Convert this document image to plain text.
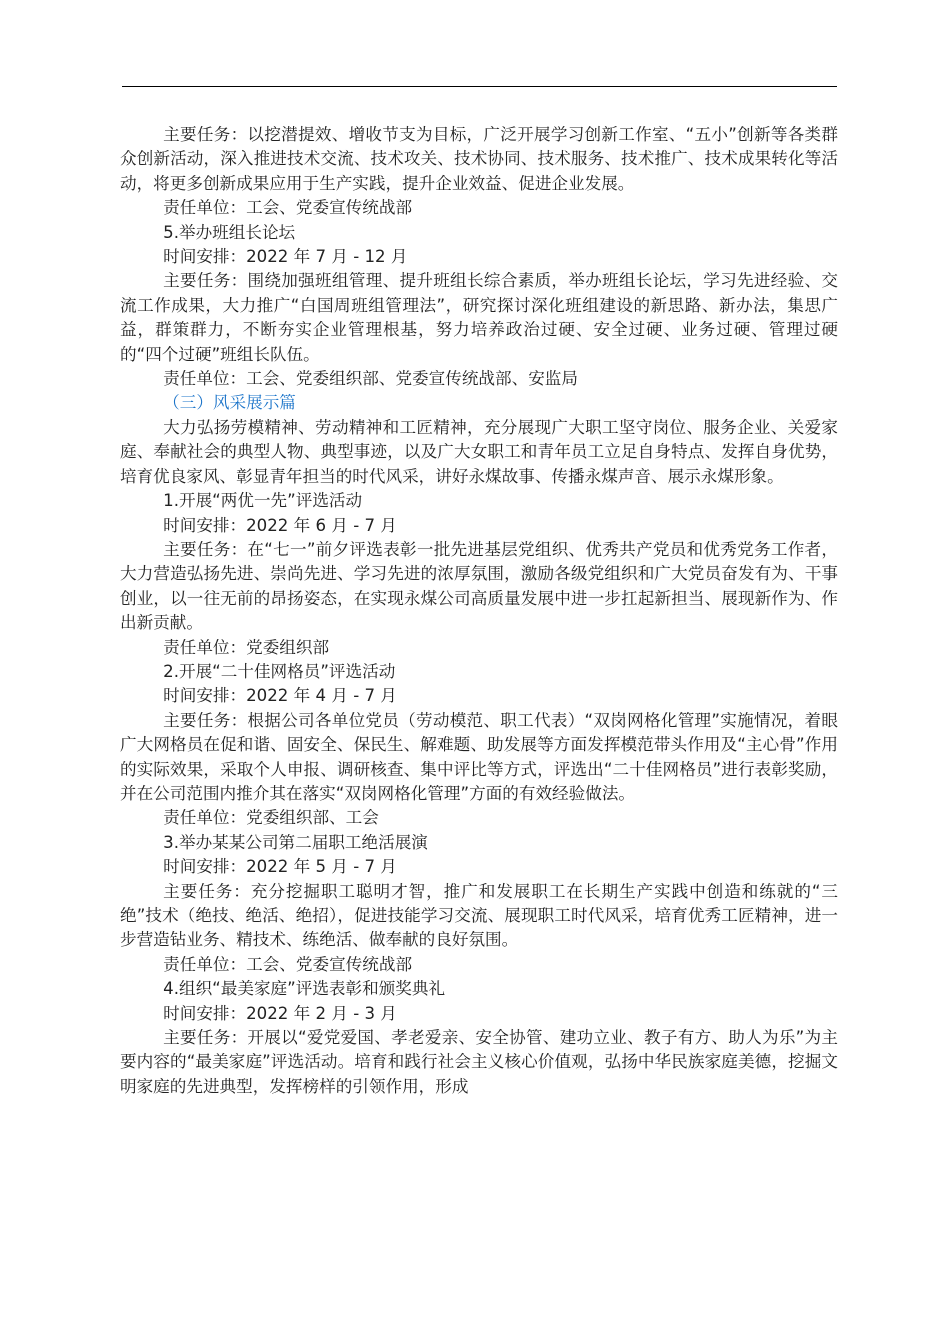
主要任务：以挖潜提效、增收节支为目标，广泛开展学习创新工作室、“五小”创新等各类群众创新活动，深入推进技术交流、技术攻关、技术协同、技术服务、技术推广、技术成果转化等活动，将更多创新成果应用于生产实践，提升企业效益、促进企业发展。

责任单位：工会、党委宣传统战部

5.举办班组长论坛

时间安排：2022 年 7 月 - 12 月

主要任务：围绕加强班组管理、提升班组长综合素质，举办班组长论坛，学习先进经验、交流工作成果，大力推广“白国周班组管理法”，研究探讨深化班组建设的新思路、新办法，集思广益，群策群力，不断夯实企业管理根基，努力培养政治过硬、安全过硬、业务过硬、管理过硬的“四个过硬”班组长队伍。

责任单位：工会、党委组织部、党委宣传统战部、安监局

（三）风采展示篇

大力弘扬劳模精神、劳动精神和工匠精神，充分展现广大职工坚守岗位、服务企业、关爱家庭、奉献社会的典型人物、典型事迹，以及广大女职工和青年员工立足自身特点、发挥自身优势，培育优良家风、彰显青年担当的时代风采，讲好永煤故事、传播永煤声音、展示永煤形象。

1.开展“两优一先”评选活动

时间安排：2022 年 6 月 - 7 月

主要任务：在“七一”前夕评选表彰一批先进基层党组织、优秀共产党员和优秀党务工作者，大力营造弘扬先进、崇尚先进、学习先进的浓厚氛围，激励各级党组织和广大党员奋发有为、干事创业，以一往无前的昂扬姿态，在实现永煤公司高质量发展中进一步扛起新担当、展现新作为、作出新贡献。

责任单位：党委组织部

2.开展“二十佳网格员”评选活动

时间安排：2022 年 4 月 - 7 月

主要任务：根据公司各单位党员（劳动模范、职工代表）“双岗网格化管理”实施情况，着眼广大网格员在促和谐、固安全、保民生、解难题、助发展等方面发挥模范带头作用及“主心骨”作用的实际效果，采取个人申报、调研核查、集中评比等方式，评选出“二十佳网格员”进行表彰奖励，并在公司范围内推介其在落实“双岗网格化管理”方面的有效经验做法。

责任单位：党委组织部、工会

3.举办某某公司第二届职工绝活展演

时间安排：2022 年 5 月 - 7 月

主要任务：充分挖掘职工聪明才智，推广和发展职工在长期生产实践中创造和练就的“三绝”技术（绝技、绝活、绝招），促进技能学习交流、展现职工时代风采，培育优秀工匠精神，进一步营造钻业务、精技术、练绝活、做奉献的良好氛围。

责任单位：工会、党委宣传统战部

4.组织“最美家庭”评选表彰和颁奖典礼

时间安排：2022 年 2 月 - 3 月

主要任务：开展以“爱党爱国、孝老爱亲、安全协管、建功立业、教子有方、助人为乐”为主要内容的“最美家庭”评选活动。培育和践行社会主义核心价值观，弘扬中华民族家庭美德，挖掘文明家庭的先进典型，发挥榜样的引领作用，形成
